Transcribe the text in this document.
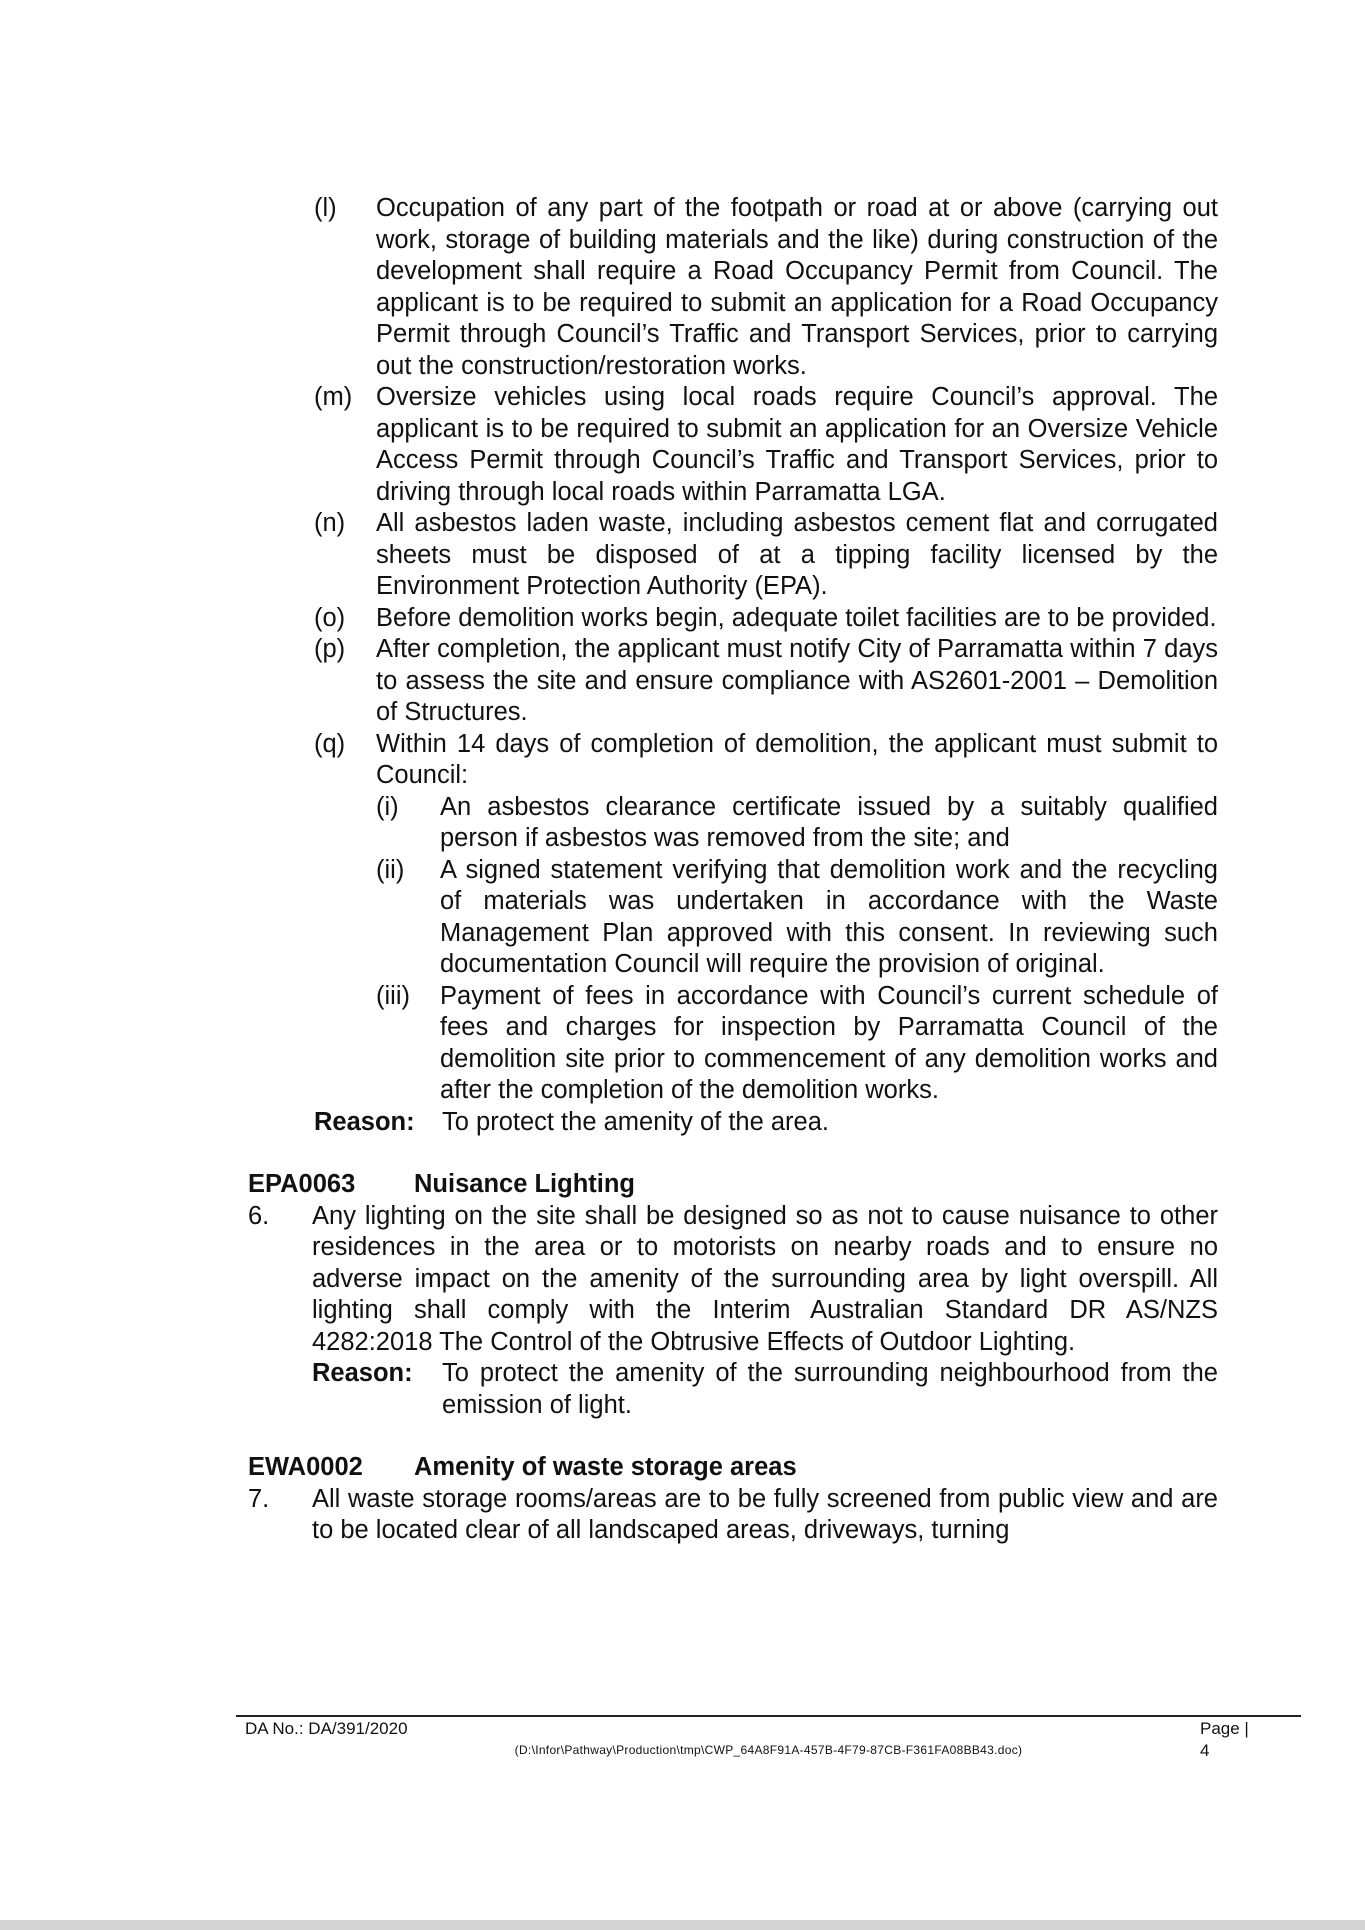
(l) Occupation of any part of the footpath or road at or above (carrying out work, storage of building materials and the like) during construction of the development shall require a Road Occupancy Permit from Council. The applicant is to be required to submit an application for a Road Occupancy Permit through Council’s Traffic and Transport Services, prior to carrying out the construction/restoration works.
(m) Oversize vehicles using local roads require Council’s approval. The applicant is to be required to submit an application for an Oversize Vehicle Access Permit through Council’s Traffic and Transport Services, prior to driving through local roads within Parramatta LGA.
(n) All asbestos laden waste, including asbestos cement flat and corrugated sheets must be disposed of at a tipping facility licensed by the Environment Protection Authority (EPA).
(o) Before demolition works begin, adequate toilet facilities are to be provided.
(p) After completion, the applicant must notify City of Parramatta within 7 days to assess the site and ensure compliance with AS2601-2001 – Demolition of Structures.
(q) Within 14 days of completion of demolition, the applicant must submit to Council:
(i) An asbestos clearance certificate issued by a suitably qualified person if asbestos was removed from the site; and
(ii) A signed statement verifying that demolition work and the recycling of materials was undertaken in accordance with the Waste Management Plan approved with this consent. In reviewing such documentation Council will require the provision of original.
(iii) Payment of fees in accordance with Council’s current schedule of fees and charges for inspection by Parramatta Council of the demolition site prior to commencement of any demolition works and after the completion of the demolition works.
Reason: To protect the amenity of the area.
EPA0063 Nuisance Lighting
6. Any lighting on the site shall be designed so as not to cause nuisance to other residences in the area or to motorists on nearby roads and to ensure no adverse impact on the amenity of the surrounding area by light overspill. All lighting shall comply with the Interim Australian Standard DR AS/NZS 4282:2018 The Control of the Obtrusive Effects of Outdoor Lighting.
Reason: To protect the amenity of the surrounding neighbourhood from the emission of light.
EWA0002 Amenity of waste storage areas
7. All waste storage rooms/areas are to be fully screened from public view and are to be located clear of all landscaped areas, driveways, turning
DA No.: DA/391/2020	Page | 4
(D:\Infor\Pathway\Production\tmp\CWP_64A8F91A-457B-4F79-87CB-F361FA08BB43.doc)
